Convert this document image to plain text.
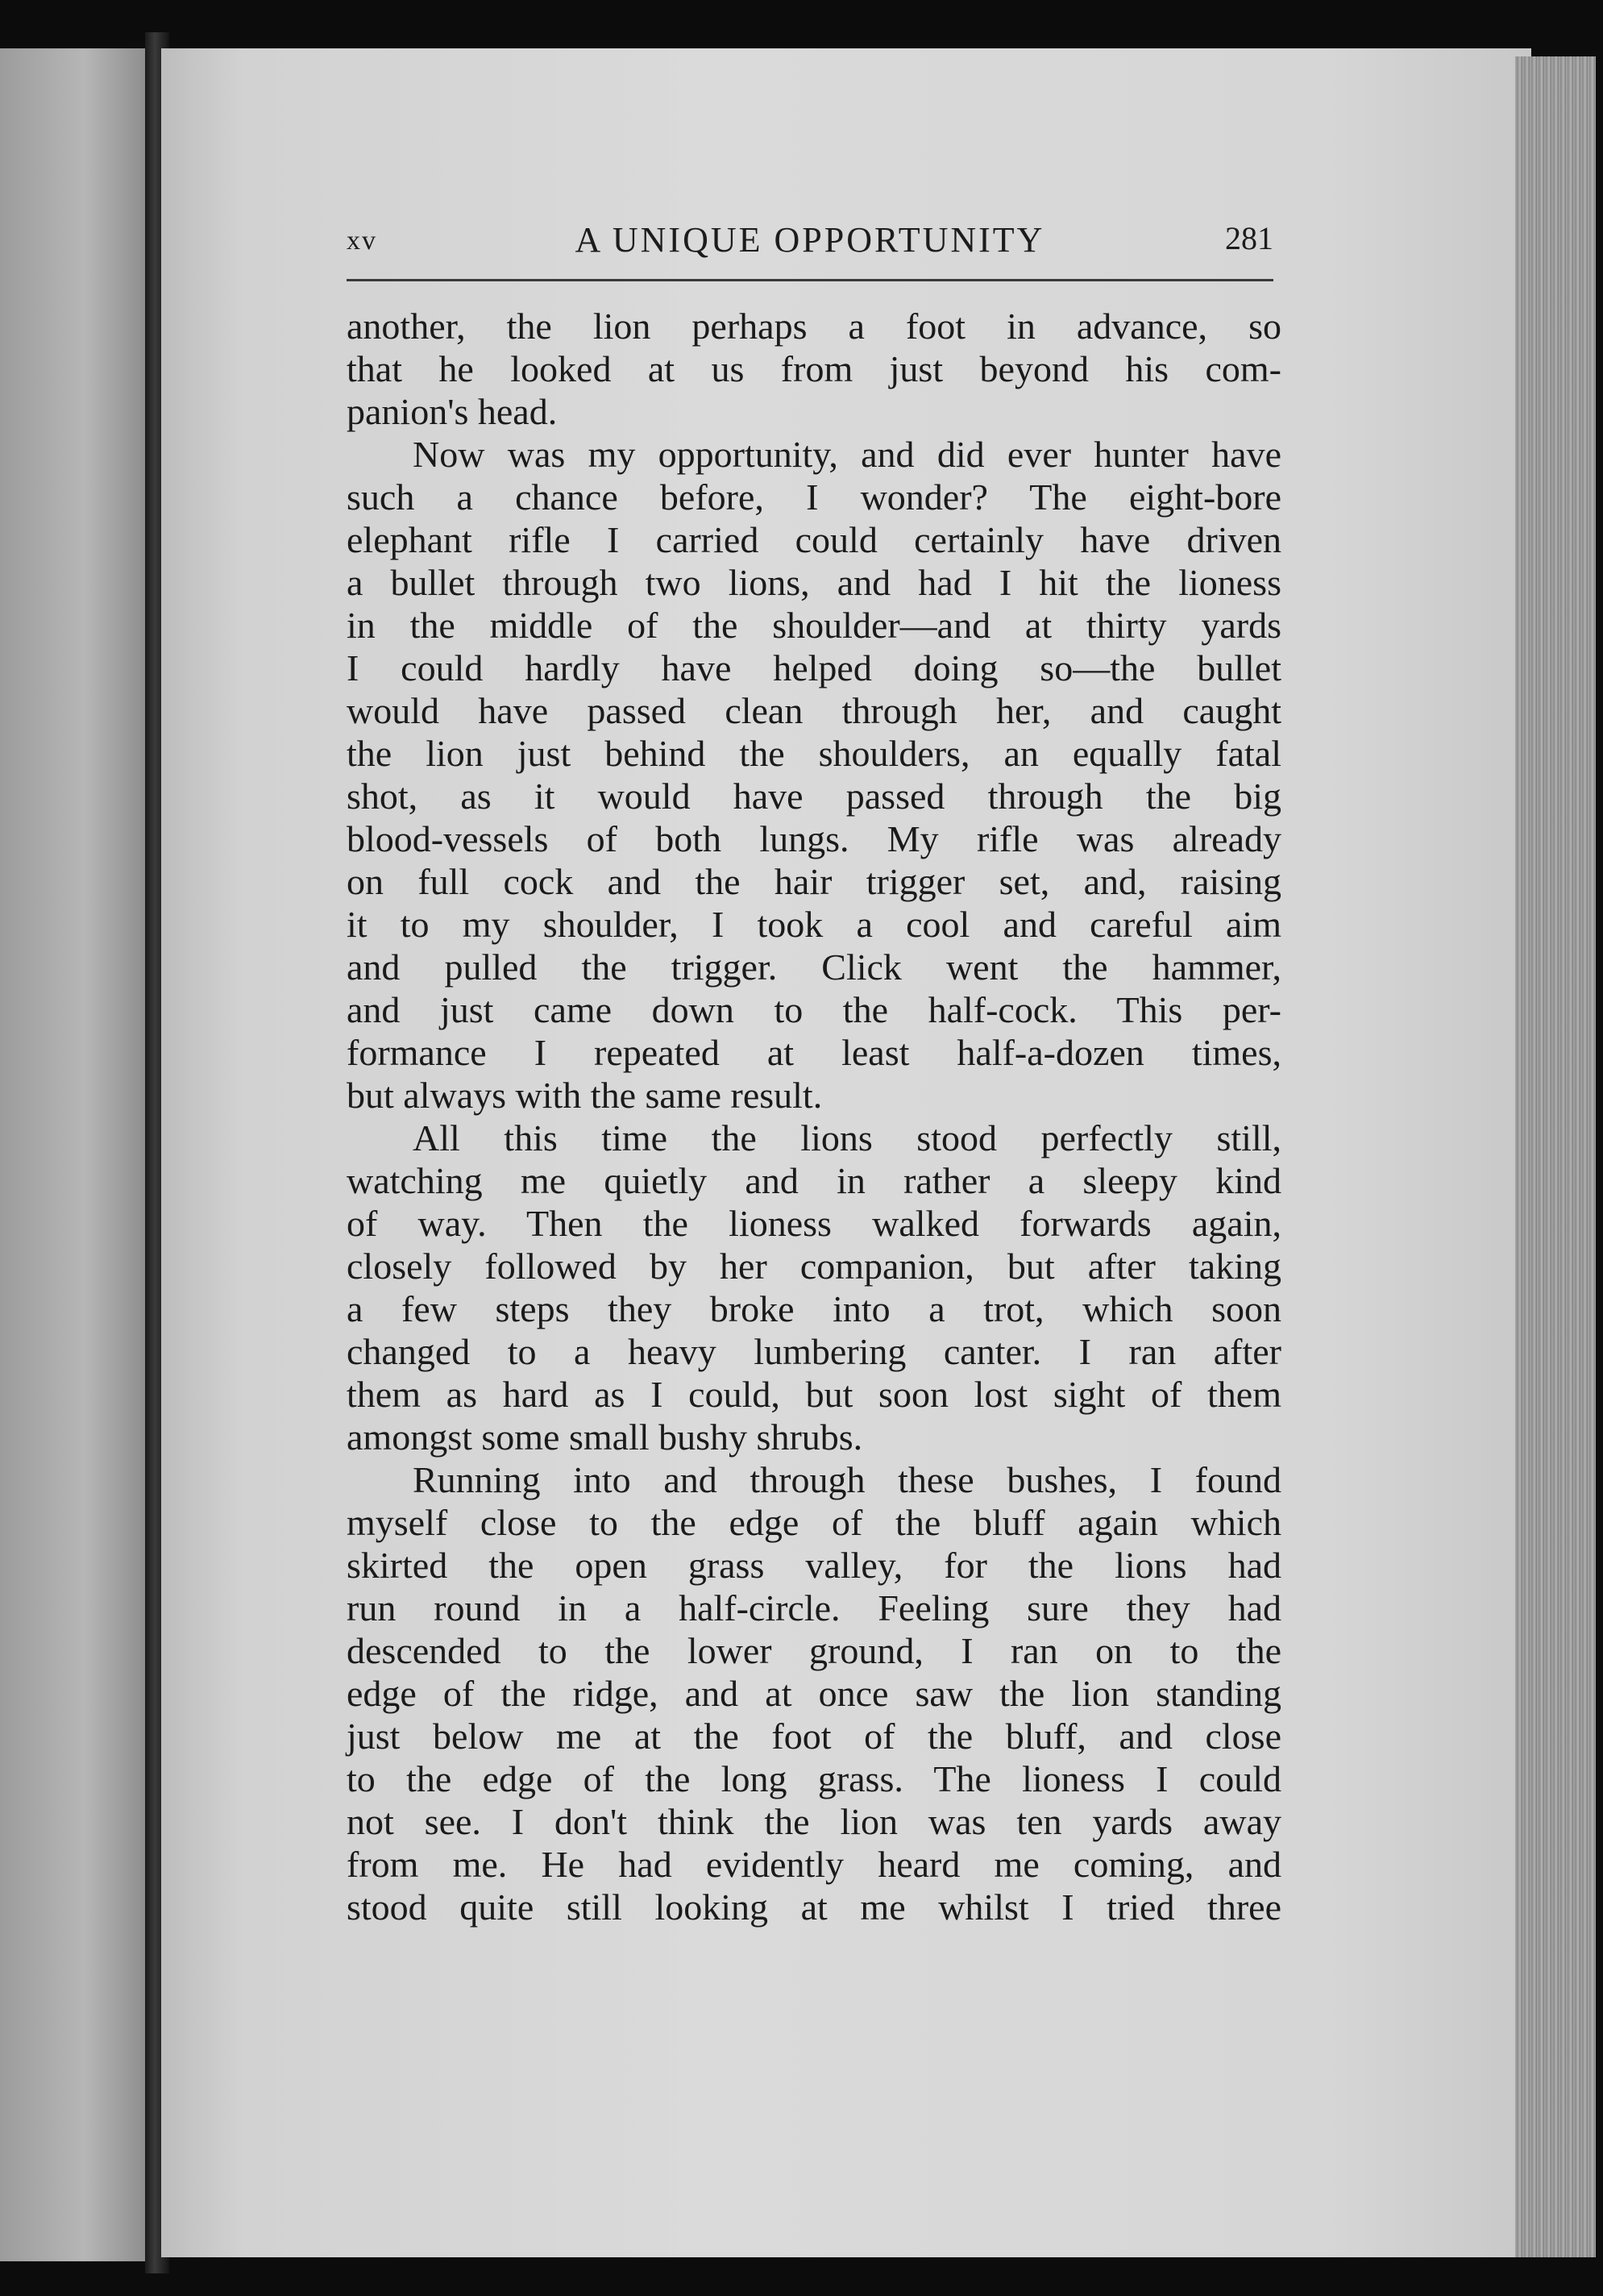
xv	A UNIQUE OPPORTUNITY	281
another, the lion perhaps a foot in advance, so
that he looked at us from just beyond his com-
panion's head.
Now was my opportunity, and did ever hunter have
such a chance before, I wonder? The eight-bore
elephant rifle I carried could certainly have driven
a bullet through two lions, and had I hit the lioness
in the middle of the shoulder—and at thirty yards
I could hardly have helped doing so—the bullet
would have passed clean through her, and caught
the lion just behind the shoulders, an equally fatal
shot, as it would have passed through the big
blood-vessels of both lungs. My rifle was already
on full cock and the hair trigger set, and, raising
it to my shoulder, I took a cool and careful aim
and pulled the trigger. Click went the hammer,
and just came down to the half-cock. This per-
formance I repeated at least half-a-dozen times,
but always with the same result.
All this time the lions stood perfectly still,
watching me quietly and in rather a sleepy kind
of way. Then the lioness walked forwards again,
closely followed by her companion, but after taking
a few steps they broke into a trot, which soon
changed to a heavy lumbering canter. I ran after
them as hard as I could, but soon lost sight of them
amongst some small bushy shrubs.
Running into and through these bushes, I found
myself close to the edge of the bluff again which
skirted the open grass valley, for the lions had
run round in a half-circle. Feeling sure they had
descended to the lower ground, I ran on to the
edge of the ridge, and at once saw the lion standing
just below me at the foot of the bluff, and close
to the edge of the long grass. The lioness I could
not see. I don't think the lion was ten yards away
from me. He had evidently heard me coming, and
stood quite still looking at me whilst I tried three
